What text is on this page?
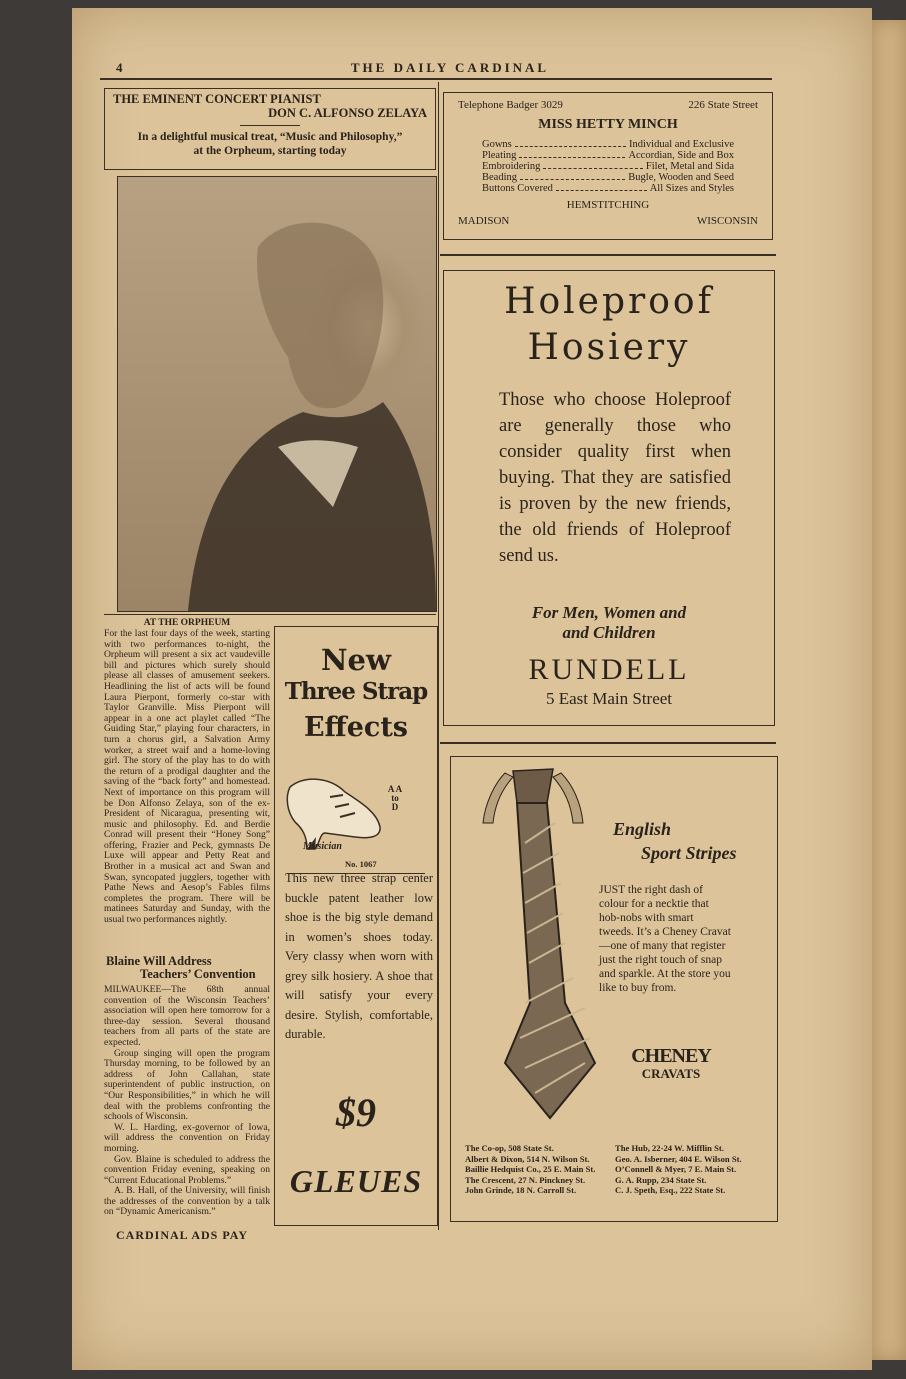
4	THE DAILY CARDINAL
THE EMINENT CONCERT PIANIST
DON C. ALFONSO ZELAYA
In a delightful musical treat, “Music and Philosophy,”
at the Orpheum, starting today
AT THE ORPHEUM
For the last four days of the week, starting with two performances to-night, the Orpheum will present a six act vaudeville bill and pictures which surely should please all classes of amusement seekers. Headlining the list of acts will be found Laura Pierpont, formerly co-star with Taylor Granville. Miss Pierpont will appear in a one act playlet called “The Guiding Star,” playing four characters, in turn a chorus girl, a Salvation Army worker, a street waif and a home-loving girl. The story of the play has to do with the return of a prodigal daughter and the saving of the “back forty” and homestead. Next of importance on this program will be Don Alfonso Zelaya, son of the ex-President of Nicaragua, presenting wit, music and philosophy. Ed. and Berdie Conrad will present their “Honey Song” offering, Frazier and Peck, gymnasts De Luxe will appear and Petty Reat and Brother in a musical act and Swan and Swan, syncopated jugglers, together with Pathe News and Aesop’s Fables films completes the program. There will be matinees Saturday and Sunday, with the usual two performances nightly.
Blaine Will Address
Teachers’ Convention
MILWAUKEE—The 68th annual convention of the Wisconsin Teachers’ association will open here tomorrow for a three-day session. Several thousand teachers from all parts of the state are expected.
Group singing will open the program Thursday morning, to be followed by an address of John Callahan, state superintendent of public instruction, on “Our Responsibilities,” in which he will deal with the problems confronting the schools of Wisconsin.
W. L. Harding, ex-governor of Iowa, will address the convention on Friday morning.
Gov. Blaine is scheduled to address the convention Friday evening, speaking on “Current Educational Problems.”
A. B. Hall, of the University, will finish the addresses of the convention by a talk on “Dynamic Americanism.”
CARDINAL ADS PAY
New
Three Strap
Effects
A A
to
D
Musician
No. 1067
This new three strap center buckle patent leather low shoe is the big style demand in women’s shoes today. Very classy when worn with grey silk hosiery. A shoe that will satisfy your every desire. Stylish, comfortable, durable.
$9
GLEUES
Telephone Badger 3029	226 State Street
MISS HETTY MINCH
Gowns	Individual and Exclusive
Pleating	Accordian, Side and Box
Embroidering	Filet, Metal and Sida
Beading	Bugle, Wooden and Seed
Buttons Covered	All Sizes and Styles
HEMSTITCHING
MADISON	WISCONSIN
Holeproof
Hosiery
Those who choose Holeproof are generally those who consider quality first when buying. That they are satisfied is proven by the new friends, the old friends of Holeproof send us.
For Men, Women and
and Children
RUNDELL
5 East Main Street
English
Sport Stripes
JUST the right dash of colour for a necktie that hob-nobs with smart tweeds. It’s a Cheney Cravat—one of many that register just the right touch of snap and sparkle. At the store you like to buy from.
CHENEY
CRAVATS
The Co-op, 508 State St.
Albert & Dixon, 514 N. Wilson St.
Baillie Hedquist Co., 25 E. Main St.
The Crescent, 27 N. Pinckney St.
John Grinde, 18 N. Carroll St.
The Hub, 22-24 W. Mifflin St.
Geo. A. Isberner, 404 E. Wilson St.
O’Connell & Myer, 7 E. Main St.
G. A. Rupp, 234 State St.
C. J. Speth, Esq., 222 State St.
